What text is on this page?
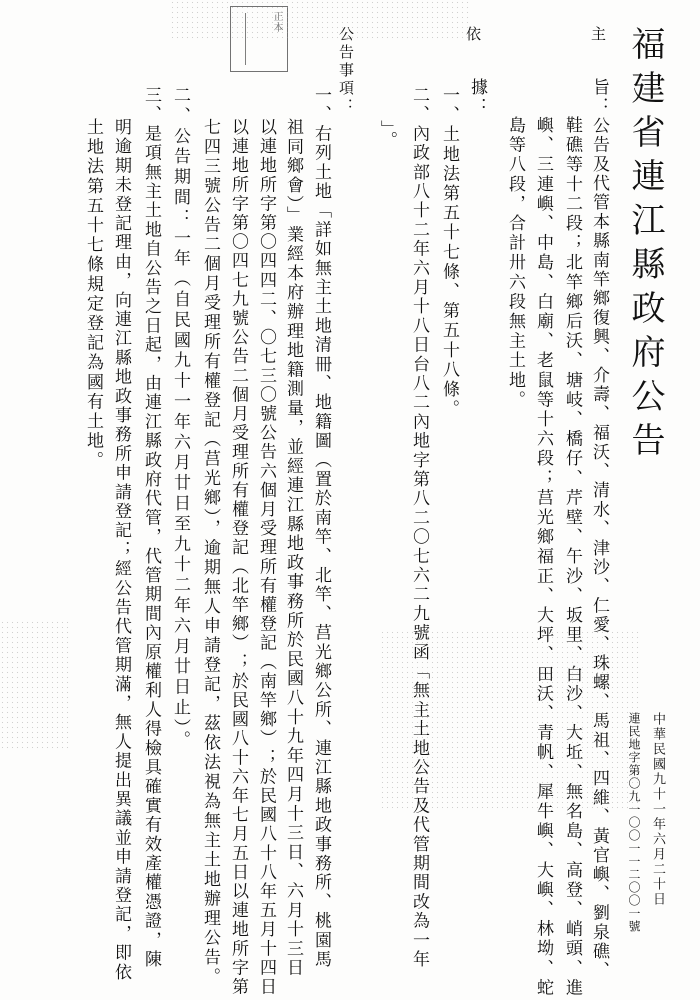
正本
福建省連江縣政府公告
主
依
公告事項：
旨：公告及代管本縣南竿鄉復興、介壽、福沃、清水、津沙、仁愛、珠螺、馬祖、四維、黃官嶼、劉泉礁、
鞋礁等十二段；北竿鄉后沃、塘岐、橋仔、芹壁、午沙、坂里、白沙、大坵、無名島、高登、峭頭、進
嶼、三連嶼、中島、白廟、老鼠等十六段；莒光鄉福正、大坪、田沃、青帆、犀牛嶼、大嶼、林坳、蛇
島等八段，合計卅六段無主土地。
據：
一、土地法第五十七條、第五十八條。
二、內政部八十二年六月十八日台八二內地字第八二〇七六二九號函「無主土地公告及代管期間改為一年
」。
一、右列土地「詳如無主土地清冊、地籍圖（置於南竿、北竿、莒光鄉公所、連江縣地政事務所、桃園馬
祖同鄉會）」業經本府辦理地籍測量，並經連江縣地政事務所於民國八十九年四月十三日、六月十三日
以連地所字第〇四四二、〇七三〇號公告六個月受理所有權登記（南竿鄉）；於民國八十八年五月十四日
以連地所字第〇四七九號公告二個月受理所有權登記（北竿鄉）；於民國八十六年七月五日以連地所字第
七四三號公告二個月受理所有權登記（莒光鄉），逾期無人申請登記，茲依法視為無主土地辦理公告。
二、公告期間：一年（自民國九十一年六月廿日至九十二年六月廿日止）。
三、是項無主土地自公告之日起，由連江縣政府代管，代管期間內原權利人得檢具確實有效產權憑證，陳
明逾期未登記理由，向連江縣地政事務所申請登記；經公告代管期滿，無人提出異議並申請登記，即依
土地法第五十七條規定登記為國有土地。
中華民國九十一年六月二十日
連民地字第〇九一〇〇一一二〇〇一號
